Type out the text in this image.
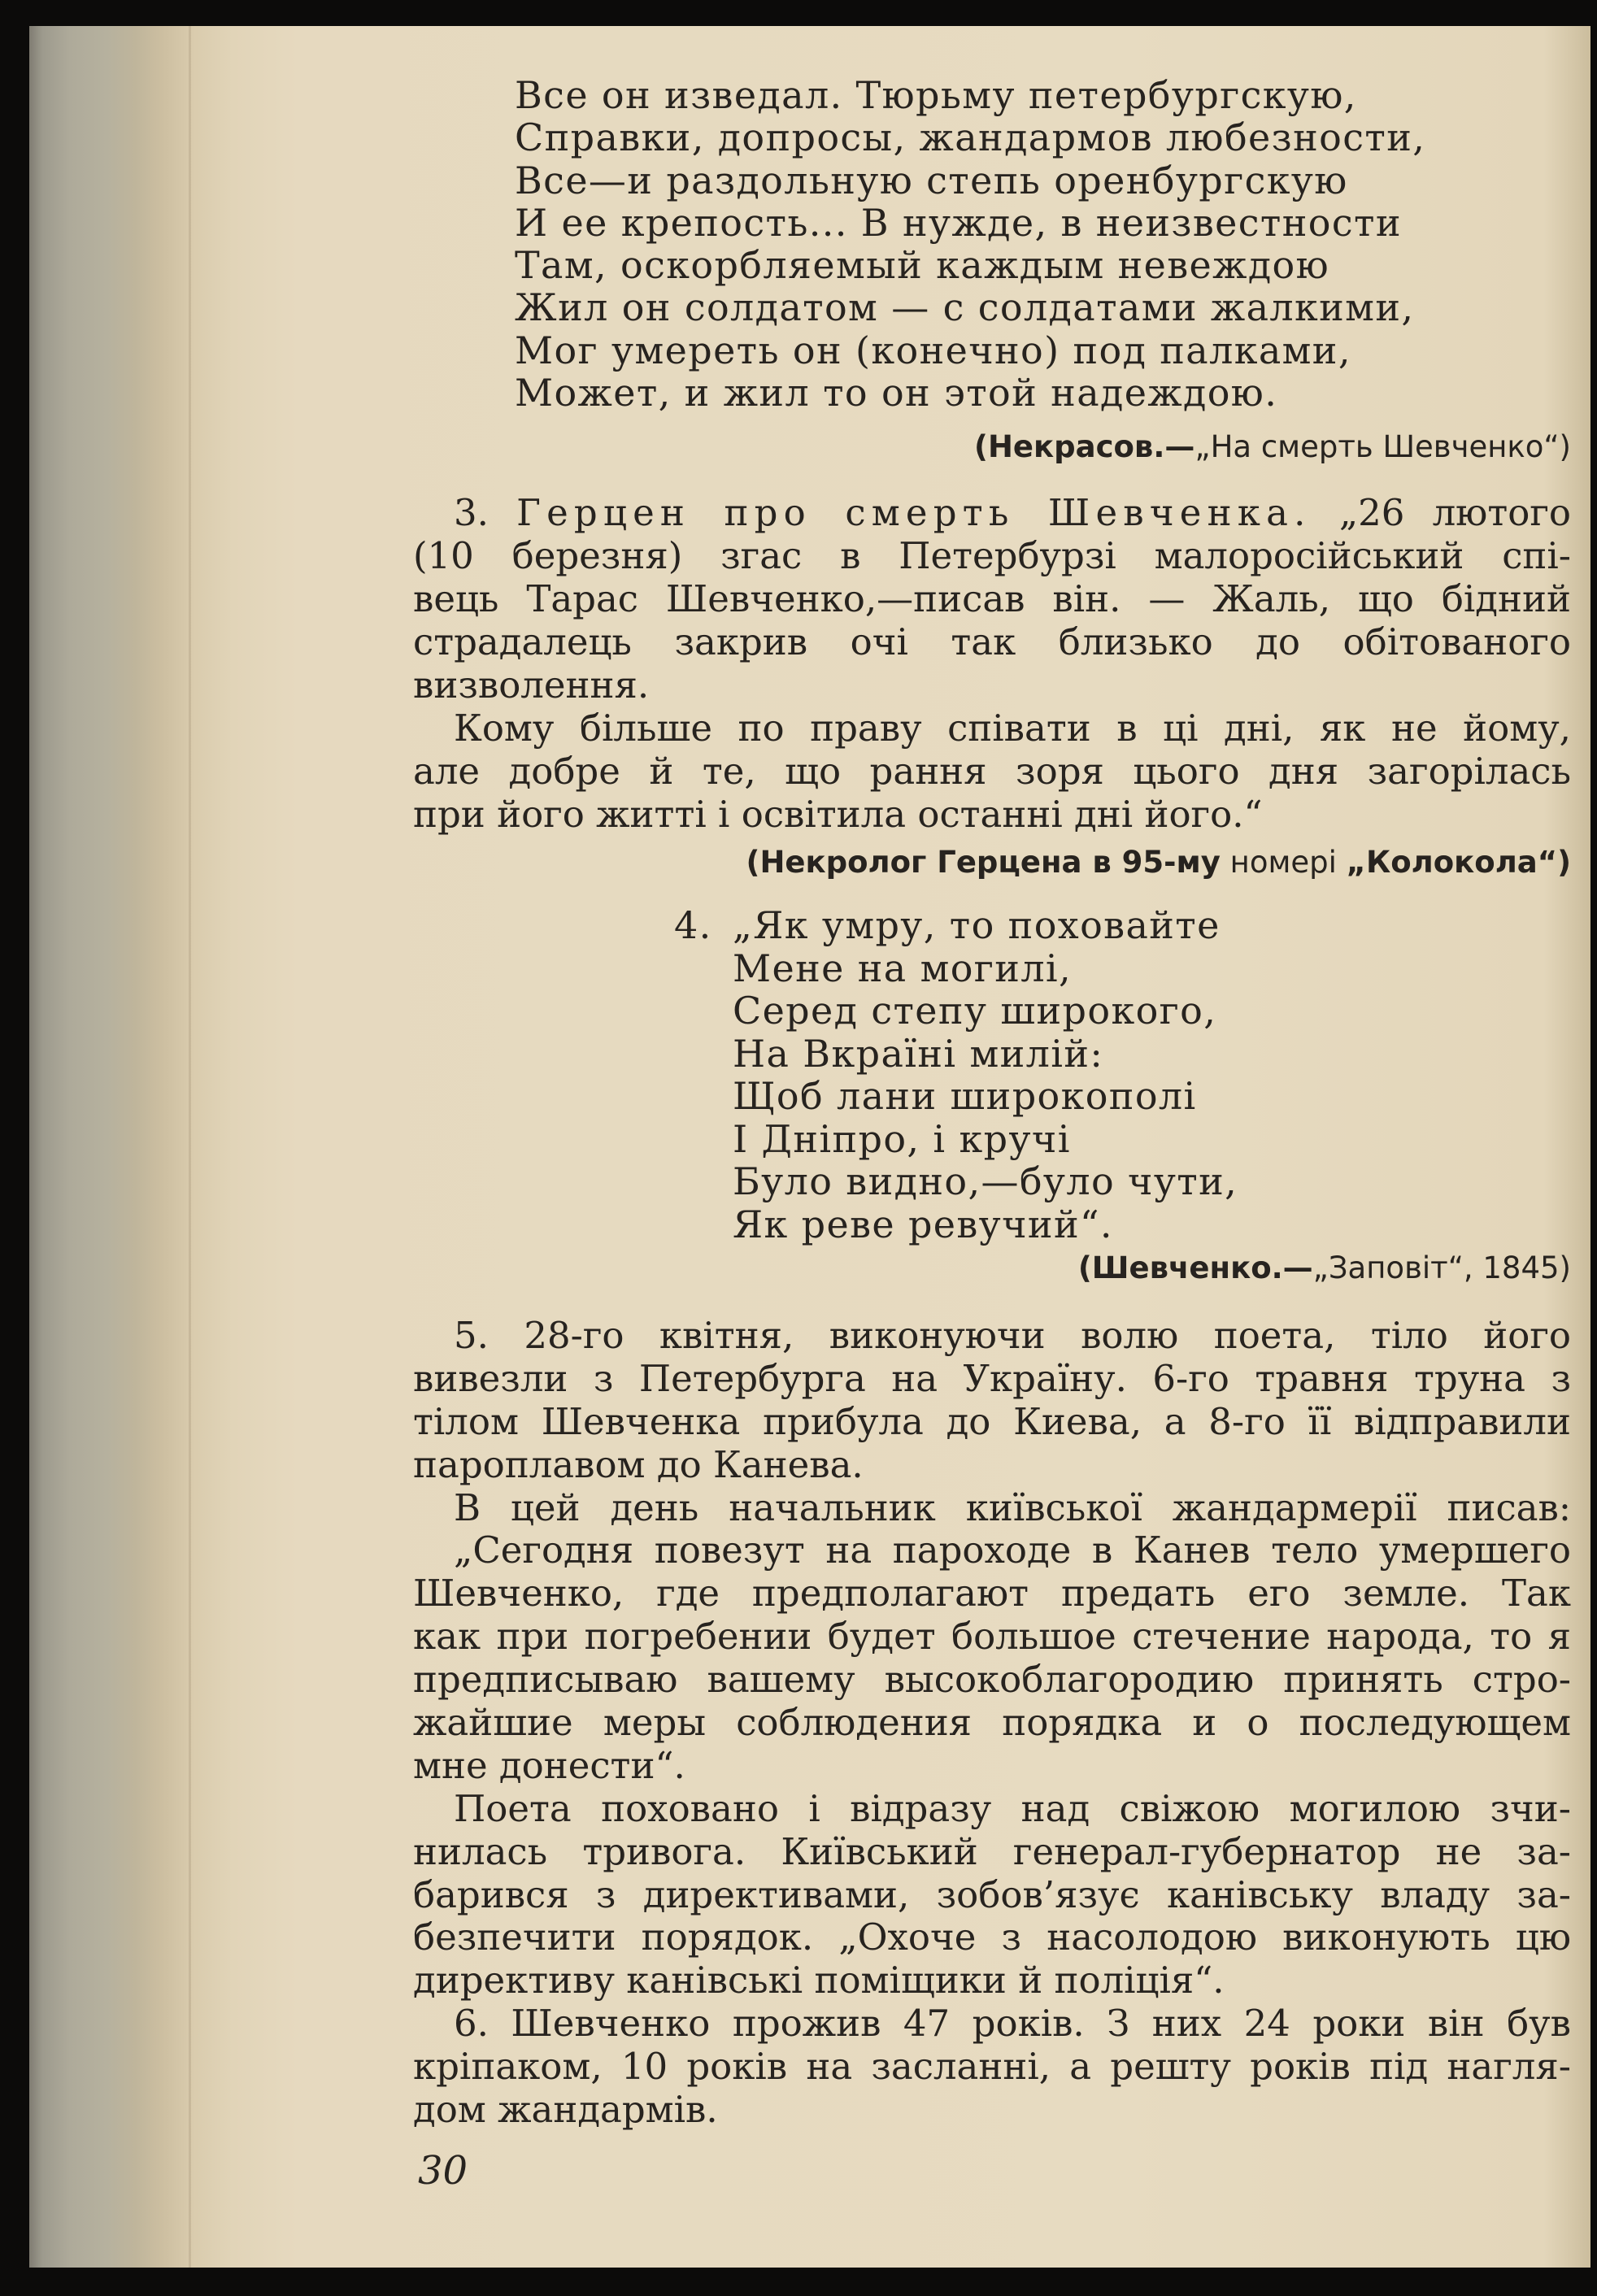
Все он изведал. Тюрьму петербургскую,
Справки, допросы, жандармов любезности,
Все—и раздольную степь оренбургскую
И ее крепость... В нужде, в неизвестности
Там, оскорбляемый каждым невеждою
Жил он солдатом — с солдатами жалкими,
Мог умереть он (конечно) под палками,
Может, и жил то он этой надеждою.
(Некрасов.—„На смерть Шевченко“)
3. Герцен про смерть Шевченка. „26 лютого
(10 березня) згас в Петербурзі малоросійський спі-
вець Тарас Шевченко,—писав він. — Жаль, що бідний
страдалець закрив очі так близько до обітованого
визволення.
Кому більше по праву співати в ці дні, як не йому,
але добре й те, що рання зоря цього дня загорілась
при його житті і освітила останні дні його.“
(Некролог Герцена в 95-му номері „Колокола“)
4. „Як умру, то поховайте
Мене на могилі,
Серед степу широкого,
На Вкраїні милій:
Щоб лани широкополі
І Дніпро, і кручі
Було видно,—було чути,
Як реве ревучий“.
(Шевченко.—„Заповіт“, 1845)
5. 28-го квітня, виконуючи волю поета, тіло його
вивезли з Петербурга на Україну. 6-го травня труна з
тілом Шевченка прибула до Киева, а 8-го її відправили
пароплавом до Канева.
В цей день начальник київської жандармерії писав:
„Сегодня повезут на пароходе в Канев тело умершего
Шевченко, где предполагают предать его земле. Так
как при погребении будет большое стечение народа, то я
предписываю вашему высокоблагородию принять стро-
жайшие меры соблюдения порядка и о последующем
мне донести“.
Поета поховано і відразу над свіжою могилою зчи-
нилась тривога. Київський генерал-губернатор не за-
барився з директивами, зобов’язує канівську владу за-
безпечити порядок. „Охоче з насолодою виконують цю
директиву канівські поміщики й поліція“.
6. Шевченко прожив 47 років. З них 24 роки він був
кріпаком, 10 років на засланні, а решту років під нагля-
дом жандармів.
30
